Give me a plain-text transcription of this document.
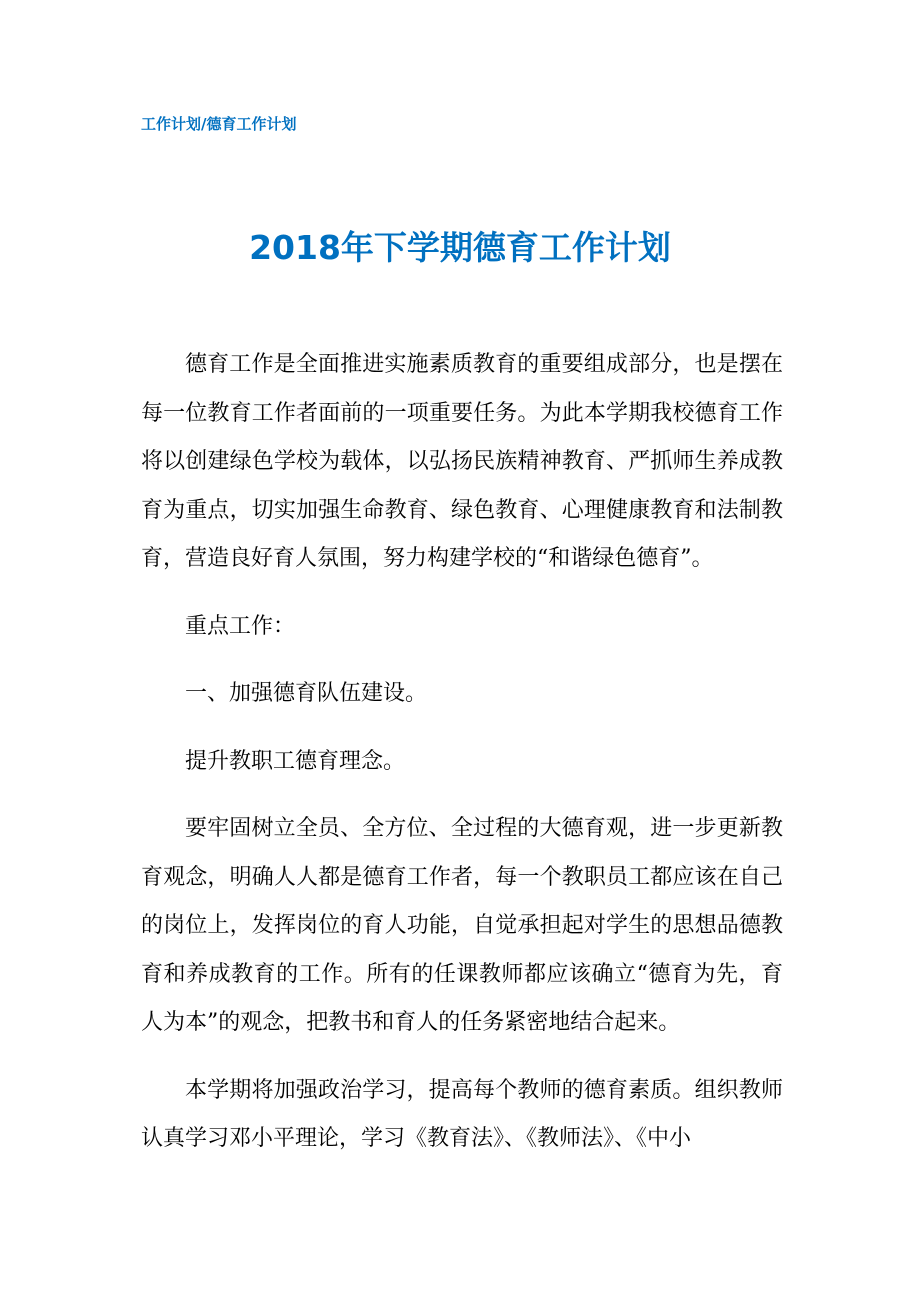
工作计划/德育工作计划
2018年下学期德育工作计划

德育工作是全面推进实施素质教育的重要组成部分，也是摆在每一位教育工作者面前的一项重要任务。为此本学期我校德育工作将以创建绿色学校为载体，以弘扬民族精神教育、严抓师生养成教育为重点，切实加强生命教育、绿色教育、心理健康教育和法制教育，营造良好育人氛围，努力构建学校的“和谐绿色德育”。

重点工作：

一、加强德育队伍建设。

提升教职工德育理念。

要牢固树立全员、全方位、全过程的大德育观，进一步更新教育观念，明确人人都是德育工作者，每一个教职员工都应该在自己的岗位上，发挥岗位的育人功能，自觉承担起对学生的思想品德教育和养成教育的工作。所有的任课教师都应该确立“德育为先，育人为本”的观念，把教书和育人的任务紧密地结合起来。

本学期将加强政治学习，提高每个教师的德育素质。组织教师认真学习邓小平理论，学习《教育法》、《教师法》、《中小
